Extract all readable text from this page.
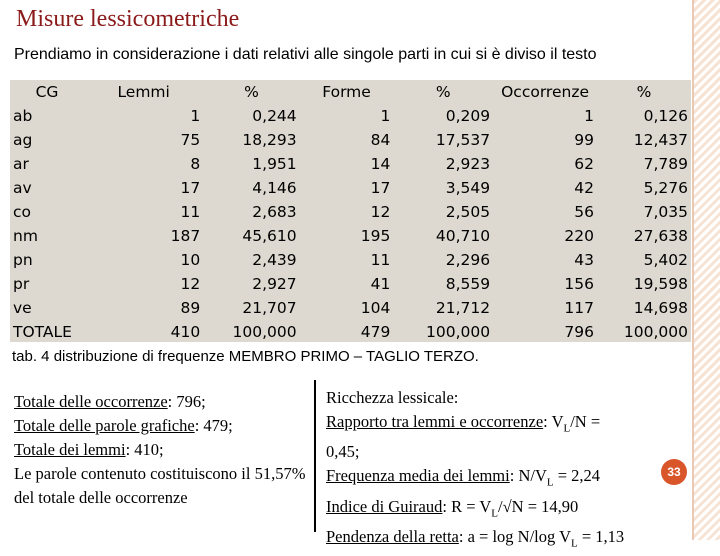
Misure lessicometriche
Prendiamo in considerazione i dati relativi alle singole parti in cui si è diviso il testo
CG	Lemmi	%	Forme	%	Occorrenze	%
ab	1	0,244	1	0,209	1	0,126
ag	75	18,293	84	17,537	99	12,437
ar	8	1,951	14	2,923	62	7,789
av	17	4,146	17	3,549	42	5,276
co	11	2,683	12	2,505	56	7,035
nm	187	45,610	195	40,710	220	27,638
pn	10	2,439	11	2,296	43	5,402
pr	12	2,927	41	8,559	156	19,598
ve	89	21,707	104	21,712	117	14,698
TOTALE	410	100,000	479	100,000	796	100,000
tab. 4 distribuzione di frequenze MEMBRO PRIMO – TAGLIO TERZO.
Totale delle occorrenze: 796;
Totale delle parole grafiche: 479;
Totale dei lemmi: 410;
Le parole contenuto costituiscono il 51,57% del totale delle occorrenze
Ricchezza lessicale:
Rapporto tra lemmi e occorrenze: $V_L/N$ =
0,45;
Frequenza media dei lemmi: $N/V_L = 2,24$
Indice di Guiraud: $R = V_L/√N = 14,90$
Pendenza della retta: a = log N/log $V_L = 1,13$
33
